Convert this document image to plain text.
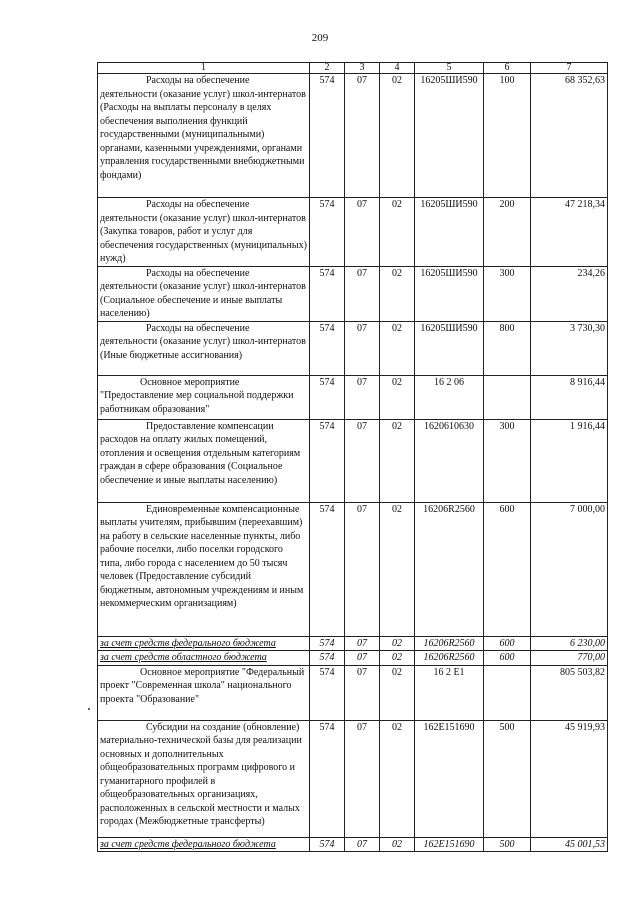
209
1	2	3	4	5	6	7
Расходы на обеспечение деятельности (оказание услуг) школ-интернатов (Расходы на выплаты персоналу в целях обеспечения выполнения функций государственными (муниципальными) органами, казенными учреждениями, органами управления государственными внебюджетными фондами)	574	07	02	16205ШИ590	100	68 352,63
Расходы на обеспечение деятельности (оказание услуг) школ-интернатов (Закупка товаров, работ и услуг для обеспечения государственных (муниципальных) нужд)	574	07	02	16205ШИ590	200	47 218,34
Расходы на обеспечение деятельности (оказание услуг) школ-интернатов (Социальное обеспечение и иные выплаты населению)	574	07	02	16205ШИ590	300	234,26
Расходы на обеспечение деятельности (оказание услуг) школ-интернатов (Иные бюджетные ассигнования)	574	07	02	16205ШИ590	800	3 730,30
Основное мероприятие "Предоставление мер социальной поддержки работникам образования"	574	07	02	16 2 06		8 916,44
Предоставление компенсации расходов на оплату жилых помещений, отопления и освещения отдельным категориям граждан в сфере образования (Социальное обеспечение и иные выплаты населению)	574	07	02	1620610630	300	1 916,44
Единовременные компенсационные выплаты учителям, прибывшим (переехавшим) на работу в сельские населенные пункты, либо рабочие поселки, либо поселки городского типа, либо города с населением до 50 тысяч человек (Предоставление субсидий бюджетным, автономным учреждениям и иным некоммерческим организациям)	574	07	02	16206R2560	600	7 000,00
за счет средств федерального бюджета	574	07	02	16206R2560	600	6 230,00
за счет средств областного бюджета	574	07	02	16206R2560	600	770,00
Основное мероприятие "Федеральный проект "Современная школа" национального проекта "Образование"	574	07	02	16 2 E1		805 503,82
Субсидии на создание (обновление) материально-технической базы для реализации основных и дополнительных общеобразовательных программ цифрового и гуманитарного профилей в общеобразовательных организациях, расположенных в сельской местности и малых городах (Межбюджетные трансферты)	574	07	02	162E151690	500	45 919,93
за счет средств федерального бюджета	574	07	02	162E151690	500	45 001,53
